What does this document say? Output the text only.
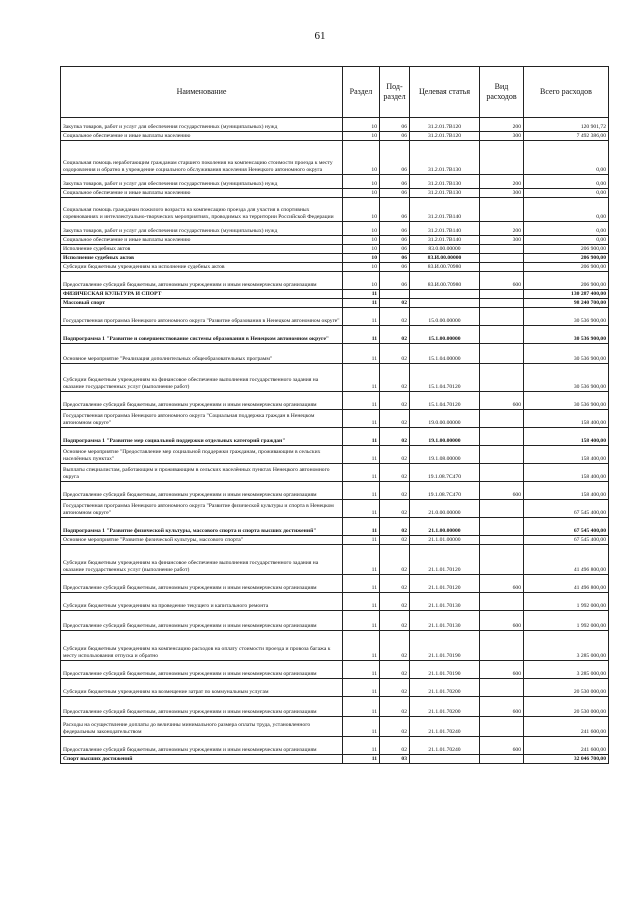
61
Наименование	Раздел	Под-раздел	Целевая статья	Вид расходов	Всего расходов
Закупка товаров, работ и услуг для обеспечения государственных (муниципальных) нужд	10	06	31.2.01.7В120	200	120 901,72
Социальное обеспечение и иные выплаты населению	10	06	31.2.01.7В120	300	7 492 386,00
Социальная помощь неработающим гражданам старшего поколения на компенсацию стоимости проезда к месту оздоровления и обратно в учреждение социального обслуживания населения Ненецкого автономного округа	10	06	31.2.01.7В130		0,00
Закупка товаров, работ и услуг для обеспечения государственных (муниципальных) нужд	10	06	31.2.01.7В130	200	0,00
Социальное обеспечение и иные выплаты населению	10	06	31.2.01.7В130	300	0,00
Социальная помощь гражданам пожилого возраста на компенсацию проезда для участия в спортивных соревнованиях и интеллектуально-творческих мероприятиях, проводимых на территории Российской Федерации	10	06	31.2.01.7В140		0,00
Закупка товаров, работ и услуг для обеспечения государственных (муниципальных) нужд	10	06	31.2.01.7В140	200	0,00
Социальное обеспечение и иные выплаты населению	10	06	31.2.01.7В140	300	0,00
Исполнение судебных актов	10	06	83.0.00.00000		206 900,00
Исполнение судебных актов	10	06	83.И.00.00000		206 900,00
Субсидии бюджетным учреждениям на исполнение судебных актов	10	06	83.И.00.70980		206 900,00
Предоставление субсидий бюджетным, автономным учреждениям и иным некоммерческим организациям	10	06	83.И.00.70980	600	206 900,00
ФИЗИЧЕСКАЯ КУЛЬТУРА И СПОРТ	11				130 287 400,00
Массовый спорт	11	02			98 240 700,00
Государственная программа Ненецкого автономного округа "Развитие образования в Ненецком автономном округе"	11	02	15.0.00.00000		30 536 900,00
Подпрограмма 1 "Развитие и совершенствование системы образования в Ненецком автономном округе"	11	02	15.1.00.00000		30 536 900,00
Основное мероприятие "Реализация дополнительных общеобразовательных программ"	11	02	15.1.04.00000		30 536 900,00
Субсидии бюджетным учреждениям на финансовое обеспечение выполнения государственного задания на оказание государственных услуг (выполнение работ)	11	02	15.1.04.70120		30 536 900,00
Предоставление субсидий бюджетным, автономным учреждениям и иным некоммерческим организациям	11	02	15.1.04.70120	600	30 536 900,00
Государственная программа Ненецкого автономного округа "Социальная поддержка граждан в Ненецком автономном округе"	11	02	19.0.00.00000		158 400,00
Подпрограмма 1 "Развитие мер социальной поддержки отдельных категорий граждан"	11	02	19.1.00.00000		158 400,00
Основное мероприятие "Предоставление мер социальной поддержки гражданам, проживающим в сельских населённых пунктах"	11	02	19.1.08.00000		158 400,00
Выплаты специалистам, работающим и проживающим в сельских населённых пунктах Ненецкого автономного округа	11	02	19.1.08.7С470		158 400,00
Предоставление субсидий бюджетным, автономным учреждениям и иным некоммерческим организациям	11	02	19.1.08.7С470	600	158 400,00
Государственная программа Ненецкого автономного округа "Развитие физической культуры и спорта в Ненецком автономном округе"	11	02	21.0.00.00000		67 545 400,00
Подпрограмма 1 "Развитие физической культуры, массового спорта и спорта высших достижений"	11	02	21.1.00.00000		67 545 400,00
Основное мероприятие "Развитие физической культуры, массового спорта"	11	02	21.1.01.00000		67 545 400,00
Субсидии бюджетным учреждениям на финансовое обеспечение выполнения государственного задания на оказание государственных услуг (выполнение работ)	11	02	21.1.01.70120		41 496 800,00
Предоставление субсидий бюджетным, автономным учреждениям и иным некоммерческим организациям	11	02	21.1.01.70120	600	41 496 800,00
Субсидии бюджетным учреждениям на проведение текущего и капитального ремонта	11	02	21.1.01.70130		1 992 000,00
Предоставление субсидий бюджетным, автономным учреждениям и иным некоммерческим организациям	11	02	21.1.01.70130	600	1 992 000,00
Субсидии бюджетным учреждениям на компенсацию расходов на оплату стоимости проезда и провоза багажа к месту использования отпуска и обратно	11	02	21.1.01.70190		3 285 000,00
Предоставление субсидий бюджетным, автономным учреждениям и иным некоммерческим организациям	11	02	21.1.01.70190	600	3 285 000,00
Субсидии бюджетным учреждениям на возмещение затрат по коммунальным услугам	11	02	21.1.01.70200		20 530 000,00
Предоставление субсидий бюджетным, автономным учреждениям и иным некоммерческим организациям	11	02	21.1.01.70200	600	20 530 000,00
Расходы на осуществление доплаты до величины минимального размера оплаты труда, установленного федеральным законодательством	11	02	21.1.01.70240		241 600,00
Предоставление субсидий бюджетным, автономным учреждениям и иным некоммерческим организациям	11	02	21.1.01.70240	600	241 600,00
Спорт высших достижений	11	03			32 046 700,00
